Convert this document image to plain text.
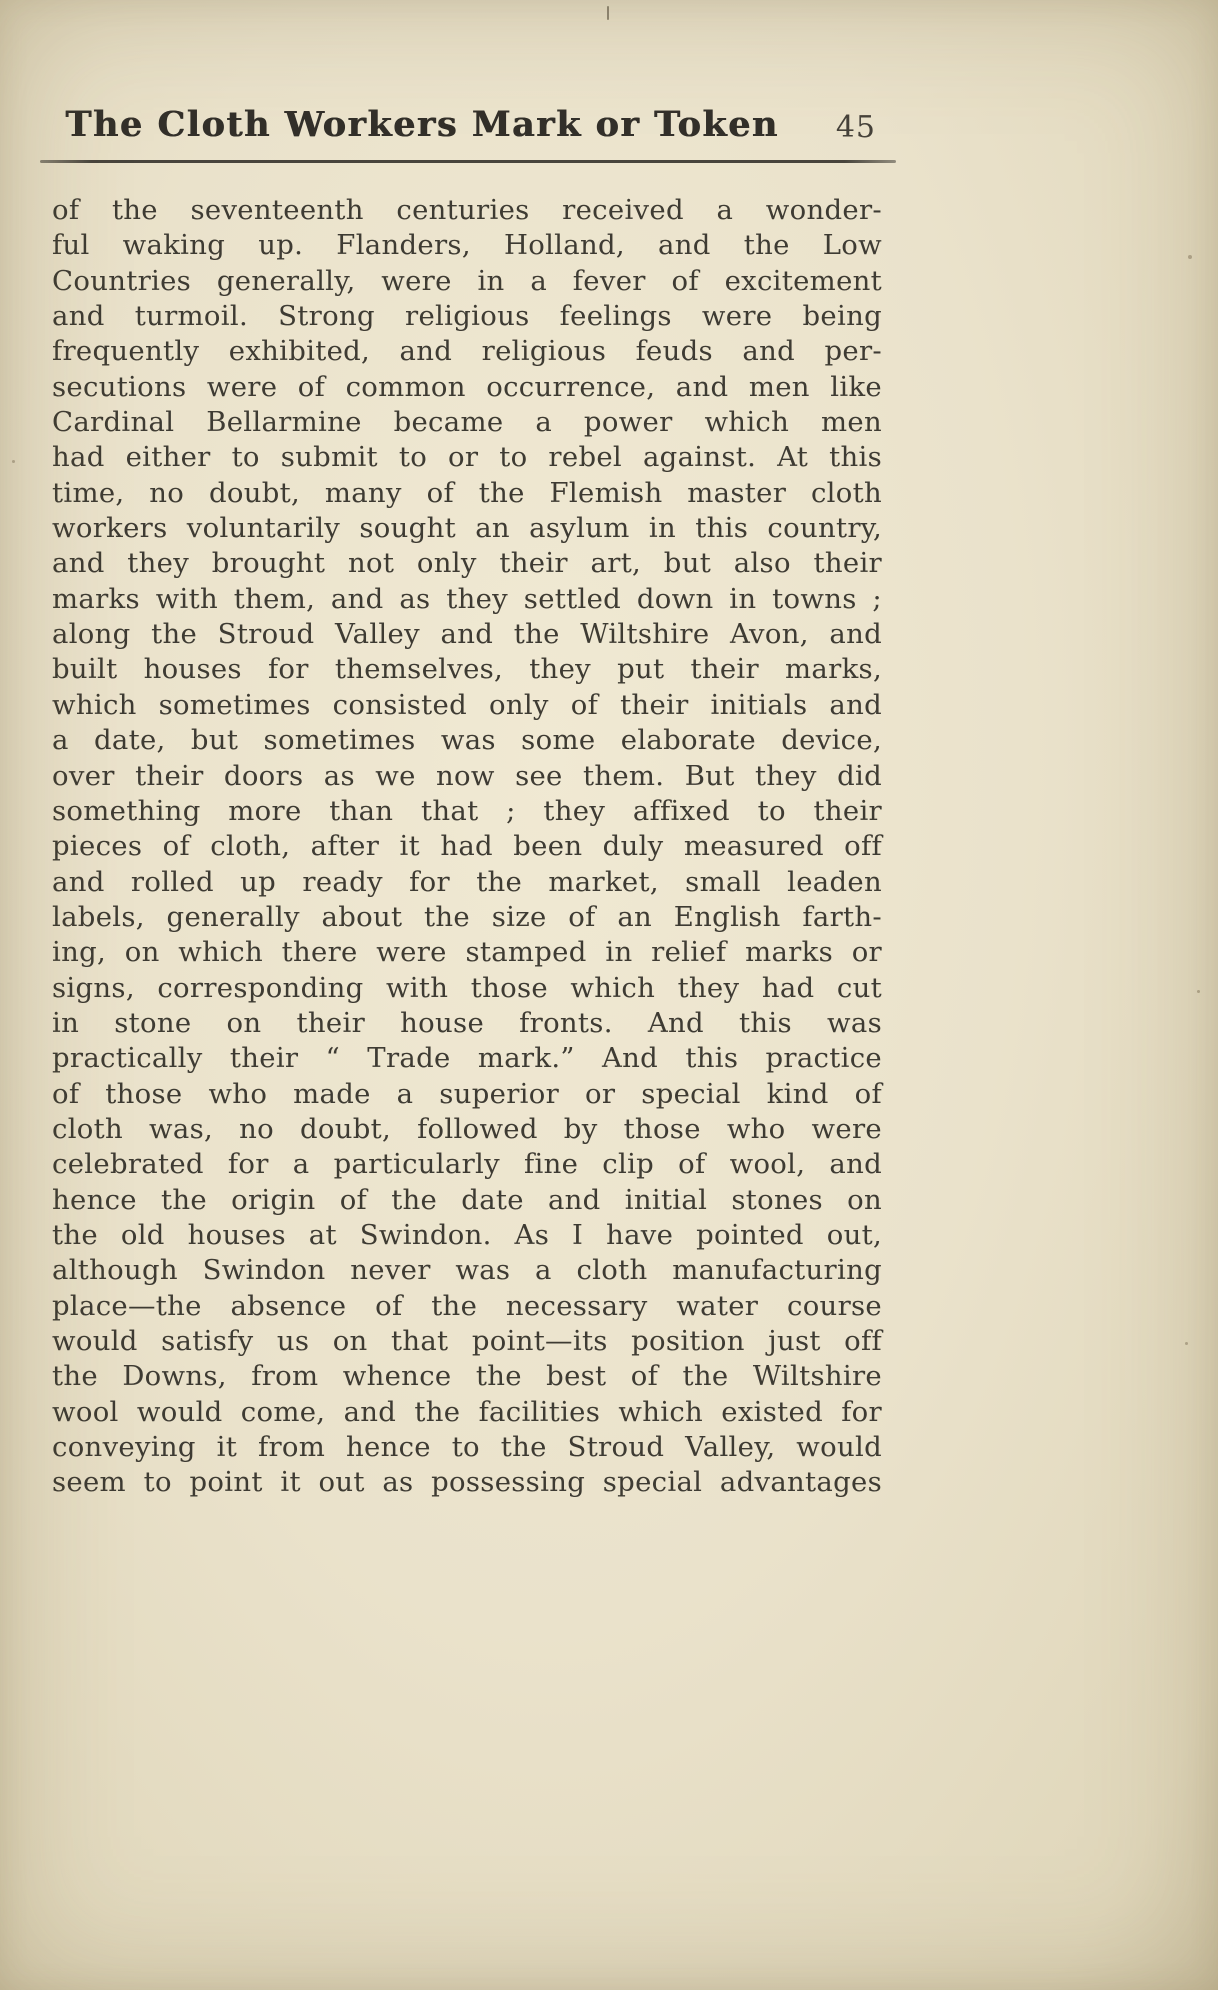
The Cloth Workers Mark or Token	45
of the seventeenth centuries received a wonder-
ful waking up. Flanders, Holland, and the Low
Countries generally, were in a fever of excitement
and turmoil. Strong religious feelings were being
frequently exhibited, and religious feuds and per-
secutions were of common occurrence, and men like
Cardinal Bellarmine became a power which men
had either to submit to or to rebel against. At this
time, no doubt, many of the Flemish master cloth
workers voluntarily sought an asylum in this country,
and they brought not only their art, but also their
marks with them, and as they settled down in towns ;
along the Stroud Valley and the Wiltshire Avon, and
built houses for themselves, they put their marks,
which sometimes consisted only of their initials and
a date, but sometimes was some elaborate device,
over their doors as we now see them. But they did
something more than that ; they affixed to their
pieces of cloth, after it had been duly measured off
and rolled up ready for the market, small leaden
labels, generally about the size of an English farth-
ing, on which there were stamped in relief marks or
signs, corresponding with those which they had cut
in stone on their house fronts. And this was
practically their “ Trade mark.” And this practice
of those who made a superior or special kind of
cloth was, no doubt, followed by those who were
celebrated for a particularly fine clip of wool, and
hence the origin of the date and initial stones on
the old houses at Swindon. As I have pointed out,
although Swindon never was a cloth manufacturing
place—the absence of the necessary water course
would satisfy us on that point—its position just off
the Downs, from whence the best of the Wiltshire
wool would come, and the facilities which existed for
conveying it from hence to the Stroud Valley, would
seem to point it out as possessing special advantages
